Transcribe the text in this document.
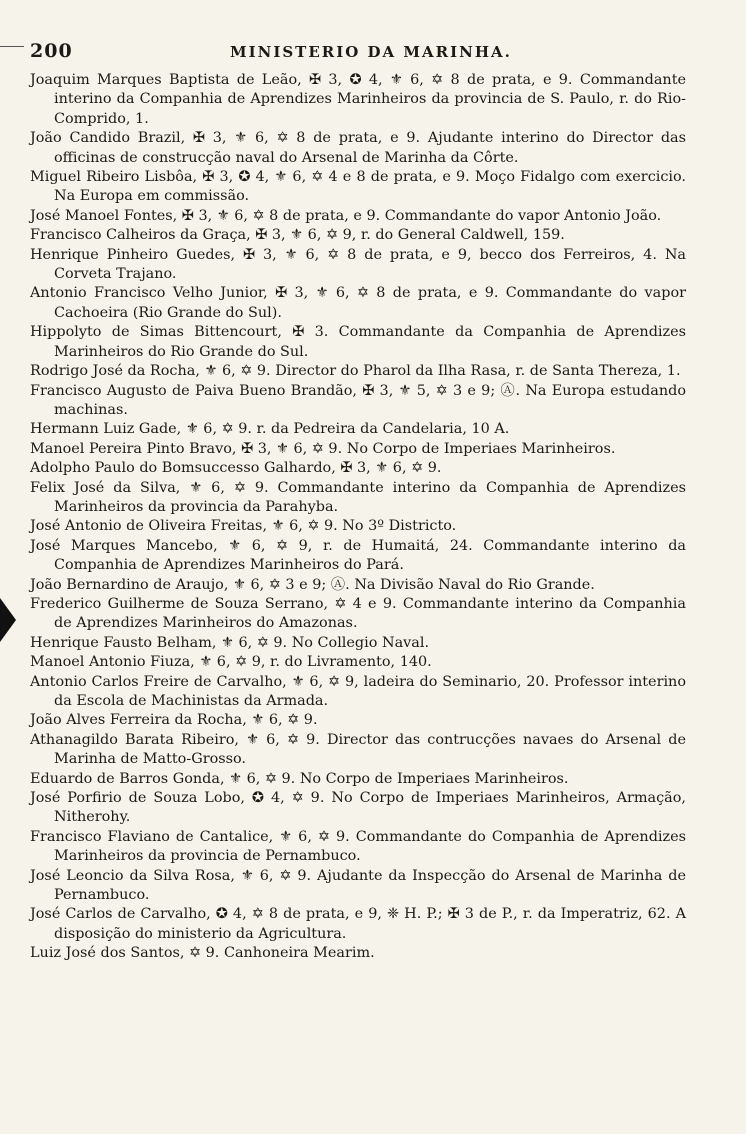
200	MINISTERIO DA MARINHA.

Joaquim Marques Baptista de Leão, ✠ 3, ✪ 4, ⚜ 6, ✡ 8 de prata, e 9. Commandante interino da Companhia de Aprendizes Marinheiros da provincia de S. Paulo, r. do Rio-Comprido, 1.

João Candido Brazil, ✠ 3, ⚜ 6, ✡ 8 de prata, e 9. Ajudante interino do Director das officinas de construcção naval do Arsenal de Marinha da Côrte.

Miguel Ribeiro Lisbôa, ✠ 3, ✪ 4, ⚜ 6, ✡ 4 e 8 de prata, e 9. Moço Fidalgo com exercicio. Na Europa em commissão.

José Manoel Fontes, ✠ 3, ⚜ 6, ✡ 8 de prata, e 9. Commandante do vapor Antonio João.

Francisco Calheiros da Graça, ✠ 3, ⚜ 6, ✡ 9, r. do General Caldwell, 159.

Henrique Pinheiro Guedes, ✠ 3, ⚜ 6, ✡ 8 de prata, e 9, becco dos Ferreiros, 4. Na Corveta Trajano.

Antonio Francisco Velho Junior, ✠ 3, ⚜ 6, ✡ 8 de prata, e 9. Commandante do vapor Cachoeira (Rio Grande do Sul).

Hippolyto de Simas Bittencourt, ✠ 3. Commandante da Companhia de Aprendizes Marinheiros do Rio Grande do Sul.

Rodrigo José da Rocha, ⚜ 6, ✡ 9. Director do Pharol da Ilha Rasa, r. de Santa Thereza, 1.

Francisco Augusto de Paiva Bueno Brandão, ✠ 3, ⚜ 5, ✡ 3 e 9; Ⓐ. Na Europa estudando machinas.

Hermann Luiz Gade, ⚜ 6, ✡ 9. r. da Pedreira da Candelaria, 10 A.

Manoel Pereira Pinto Bravo, ✠ 3, ⚜ 6, ✡ 9. No Corpo de Imperiaes Marinheiros.

Adolpho Paulo do Bomsuccesso Galhardo, ✠ 3, ⚜ 6, ✡ 9.

Felix José da Silva, ⚜ 6, ✡ 9. Commandante interino da Companhia de Aprendizes Marinheiros da provincia da Parahyba.

José Antonio de Oliveira Freitas, ⚜ 6, ✡ 9. No 3º Districto.

José Marques Mancebo, ⚜ 6, ✡ 9, r. de Humaitá, 24. Commandante interino da Companhia de Aprendizes Marinheiros do Pará.

João Bernardino de Araujo, ⚜ 6, ✡ 3 e 9; Ⓐ. Na Divisão Naval do Rio Grande.

Frederico Guilherme de Souza Serrano, ✡ 4 e 9. Commandante interino da Companhia de Aprendizes Marinheiros do Amazonas.

Henrique Fausto Belham, ⚜ 6, ✡ 9. No Collegio Naval.

Manoel Antonio Fiuza, ⚜ 6, ✡ 9, r. do Livramento, 140.

Antonio Carlos Freire de Carvalho, ⚜ 6, ✡ 9, ladeira do Seminario, 20. Professor interino da Escola de Machinistas da Armada.

João Alves Ferreira da Rocha, ⚜ 6, ✡ 9.

Athanagildo Barata Ribeiro, ⚜ 6, ✡ 9. Director das contrucções navaes do Arsenal de Marinha de Matto-Grosso.

Eduardo de Barros Gonda, ⚜ 6, ✡ 9. No Corpo de Imperiaes Marinheiros.

José Porfirio de Souza Lobo, ✪ 4, ✡ 9. No Corpo de Imperiaes Marinheiros, Armação, Nitherohy.

Francisco Flaviano de Cantalice, ⚜ 6, ✡ 9. Commandante do Companhia de Aprendizes Marinheiros da provincia de Pernambuco.

José Leoncio da Silva Rosa, ⚜ 6, ✡ 9. Ajudante da Inspecção do Arsenal de Marinha de Pernambuco.

José Carlos de Carvalho, ✪ 4, ✡ 8 de prata, e 9, ❈ H. P.; ✠ 3 de P., r. da Imperatriz, 62. A disposição do ministerio da Agricultura.

Luiz José dos Santos, ✡ 9. Canhoneira Mearim.
